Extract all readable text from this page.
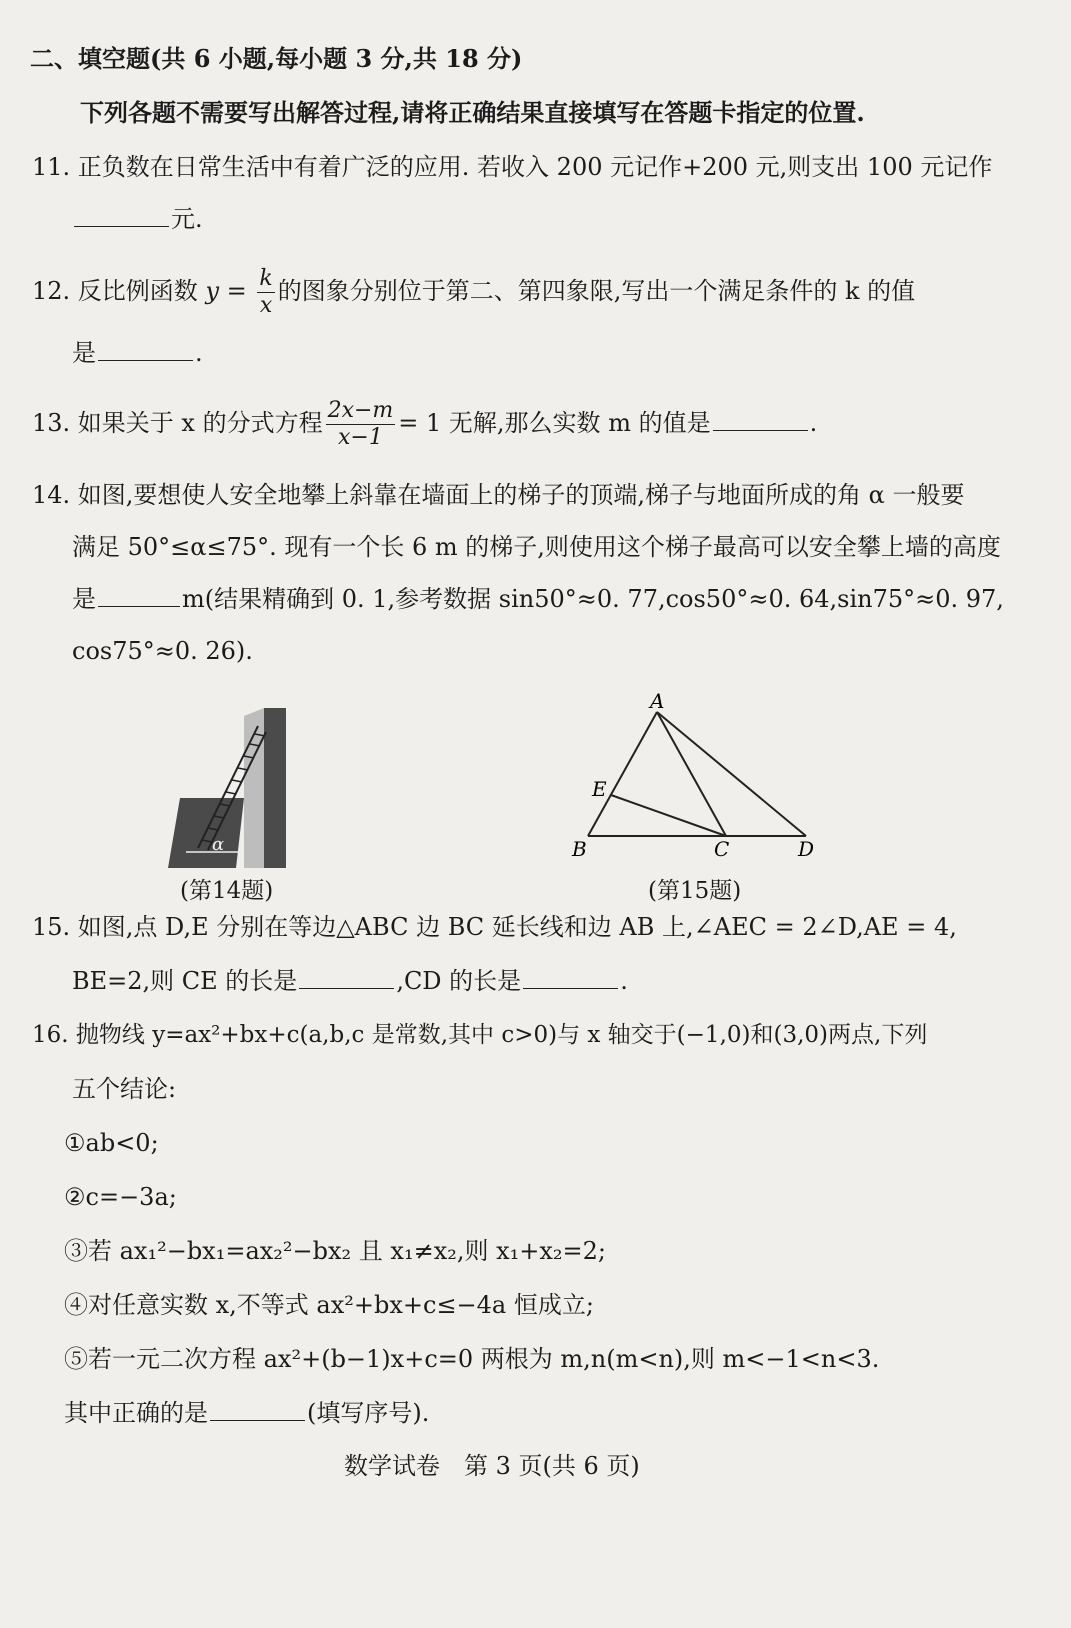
二、填空题(共 6 小题,每小题 3 分,共 18 分)
下列各题不需要写出解答过程,请将正确结果直接填写在答题卡指定的位置.
11. 正负数在日常生活中有着广泛的应用. 若收入 200 元记作+200 元,则支出 100 元记作
元.
12. 反比例函数 $y = \frac{k}{x}$ 的图象分别位于第二、第四象限,写出一个满足条件的 k 的值
是	.
13. 如果关于 x 的分式方程 $\frac{2x-m}{x-1} = 1$ 无解,那么实数 m 的值是	.
14. 如图,要想使人安全地攀上斜靠在墙面上的梯子的顶端,梯子与地面所成的角 α 一般要
满足 50°≤α≤75°. 现有一个长 6 m 的梯子,则使用这个梯子最高可以安全攀上墙的高度
是	m(结果精确到 0. 1,参考数据 sin50°≈0. 77,cos50°≈0. 64,sin75°≈0. 97,
cos75°≈0. 26).
α
(第14题)
A
B	C	D
E
(第15题)
15. 如图,点 D,E 分别在等边△ABC 边 BC 延长线和边 AB 上,∠AEC = 2∠D,AE = 4,
BE=2,则 CE 的长是	,CD 的长是	.
16. 抛物线 y=ax²+bx+c(a,b,c 是常数,其中 c>0)与 x 轴交于(−1,0)和(3,0)两点,下列
五个结论:
①ab<0;
②c=−3a;
③若 ax₁²−bx₁=ax₂²−bx₂ 且 x₁≠x₂,则 x₁+x₂=2;
④对任意实数 x,不等式 ax²+bx+c≤−4a 恒成立;
⑤若一元二次方程 ax²+(b−1)x+c=0 两根为 m,n(m<n),则 m<−1<n<3.
其中正确的是	(填写序号).
数学试卷　第 3 页(共 6 页)
